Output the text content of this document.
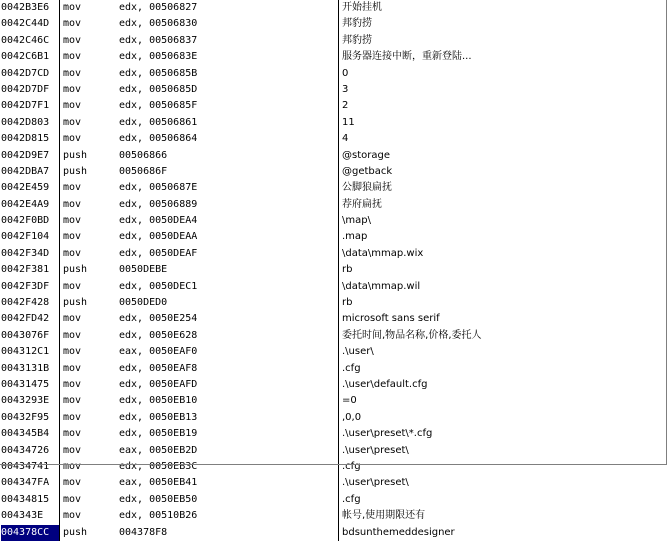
0042B3E6	mov	edx, 00506827	开始挂机
0042C44D	mov	edx, 00506830	邦豹捞
0042C46C	mov	edx, 00506837	邦豹捞
0042C6B1	mov	edx, 0050683E	服务器连接中断，重新登陆...
0042D7CD	mov	edx, 0050685B	0
0042D7DF	mov	edx, 0050685D	3
0042D7F1	mov	edx, 0050685F	2
0042D803	mov	edx, 00506861	11
0042D815	mov	edx, 00506864	4
0042D9E7	push	00506866	@storage
0042DBA7	push	0050686F	@getback
0042E459	mov	edx, 0050687E	公脚狼扁抚
0042E4A9	mov	edx, 00506889	荐府扁抚
0042F0BD	mov	edx, 0050DEA4	\map\
0042F104	mov	edx, 0050DEAA	.map
0042F34D	mov	edx, 0050DEAF	\data\mmap.wix
0042F381	push	0050DEBE	rb
0042F3DF	mov	edx, 0050DEC1	\data\mmap.wil
0042F428	push	0050DED0	rb
0042FD42	mov	edx, 0050E254	microsoft sans serif
0043076F	mov	edx, 0050E628	委托时间,物品名称,价格,委托人
004312C1	mov	eax, 0050EAF0	.\user\
0043131B	mov	edx, 0050EAF8	.cfg
00431475	mov	edx, 0050EAFD	.\user\default.cfg
0043293E	mov	edx, 0050EB10	=0
00432F95	mov	edx, 0050EB13	,0,0
004345B4	mov	edx, 0050EB19	.\user\preset\*.cfg
00434726	mov	eax, 0050EB2D	.\user\preset\
00434741	mov	edx, 0050EB3C	.cfg
004347FA	mov	eax, 0050EB41	.\user\preset\
00434815	mov	edx, 0050EB50	.cfg
004343E	mov	edx, 00510B26	帐号,使用期限还有
004378CC	push	004378F8	bdsunthemeddesigner
